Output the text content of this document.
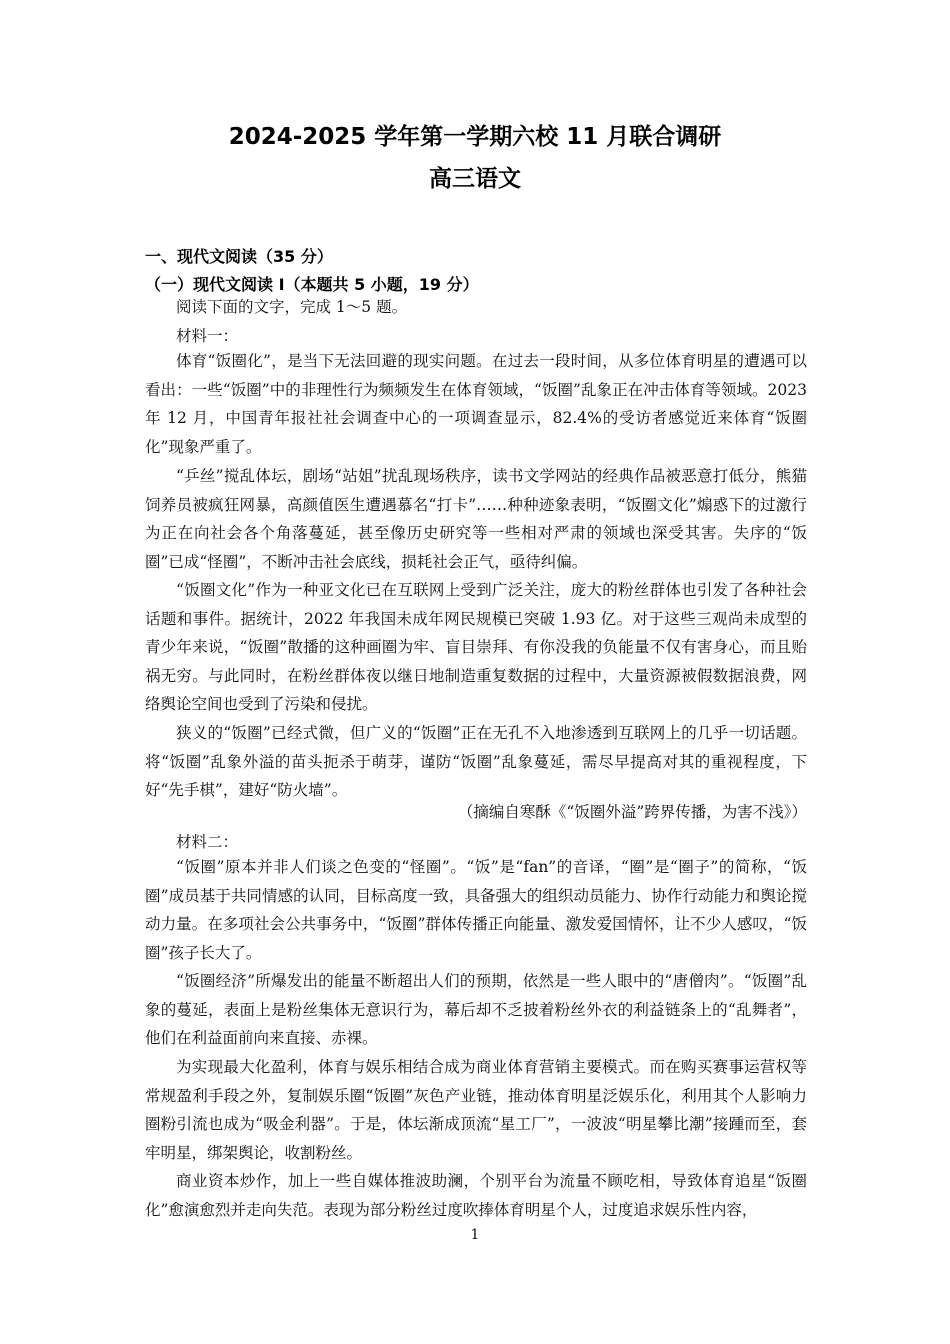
2024-2025 学年第一学期六校 11 月联合调研
高三语文
一、现代文阅读（35 分）
（一）现代文阅读 I（本题共 5 小题，19 分）
阅读下面的文字，完成 1～5 题。
材料一：
体育“饭圈化”，是当下无法回避的现实问题。在过去一段时间，从多位体育明星的遭遇可以看出：一些“饭圈”中的非理性行为频频发生在体育领域，“饭圈”乱象正在冲击体育等领域。2023 年 12 月，中国青年报社社会调查中心的一项调查显示，82.4%的受访者感觉近来体育“饭圈化”现象严重了。
“乒丝”搅乱体坛，剧场“站姐”扰乱现场秩序，读书文学网站的经典作品被恶意打低分，熊猫饲养员被疯狂网暴，高颜值医生遭遇慕名“打卡”……种种迹象表明，“饭圈文化”煽惑下的过激行为正在向社会各个角落蔓延，甚至像历史研究等一些相对严肃的领域也深受其害。失序的“饭圈”已成“怪圈”，不断冲击社会底线，损耗社会正气，亟待纠偏。
“饭圈文化”作为一种亚文化已在互联网上受到广泛关注，庞大的粉丝群体也引发了各种社会话题和事件。据统计，2022 年我国未成年网民规模已突破 1.93 亿。对于这些三观尚未成型的青少年来说，“饭圈”散播的这种画圈为牢、盲目崇拜、有你没我的负能量不仅有害身心，而且贻祸无穷。与此同时，在粉丝群体夜以继日地制造重复数据的过程中，大量资源被假数据浪费，网络舆论空间也受到了污染和侵扰。
狭义的“饭圈”已经式微，但广义的“饭圈”正在无孔不入地渗透到互联网上的几乎一切话题。将“饭圈”乱象外溢的苗头扼杀于萌芽，谨防“饭圈”乱象蔓延，需尽早提高对其的重视程度，下好“先手棋”，建好“防火墙”。
（摘编自寒酥《“饭圈外溢”跨界传播，为害不浅》）
材料二：
“饭圈”原本并非人们谈之色变的“怪圈”。“饭”是“fan”的音译，“圈”是“圈子”的简称，“饭圈”成员基于共同情感的认同，目标高度一致，具备强大的组织动员能力、协作行动能力和舆论搅动力量。在多项社会公共事务中，“饭圈”群体传播正向能量、激发爱国情怀，让不少人感叹，“饭圈”孩子长大了。
“饭圈经济”所爆发出的能量不断超出人们的预期，依然是一些人眼中的“唐僧肉”。“饭圈”乱象的蔓延，表面上是粉丝集体无意识行为，幕后却不乏披着粉丝外衣的利益链条上的“乱舞者”，他们在利益面前向来直接、赤裸。
为实现最大化盈利，体育与娱乐相结合成为商业体育营销主要模式。而在购买赛事运营权等常规盈利手段之外，复制娱乐圈“饭圈”灰色产业链，推动体育明星泛娱乐化，利用其个人影响力圈粉引流也成为“吸金利器”。于是，体坛渐成顶流“星工厂”，一波波“明星攀比潮”接踵而至，套牢明星，绑架舆论，收割粉丝。
商业资本炒作，加上一些自媒体推波助澜，个别平台为流量不顾吃相，导致体育追星“饭圈化”愈演愈烈并走向失范。表现为部分粉丝过度吹捧体育明星个人，过度追求娱乐性内容，
1
